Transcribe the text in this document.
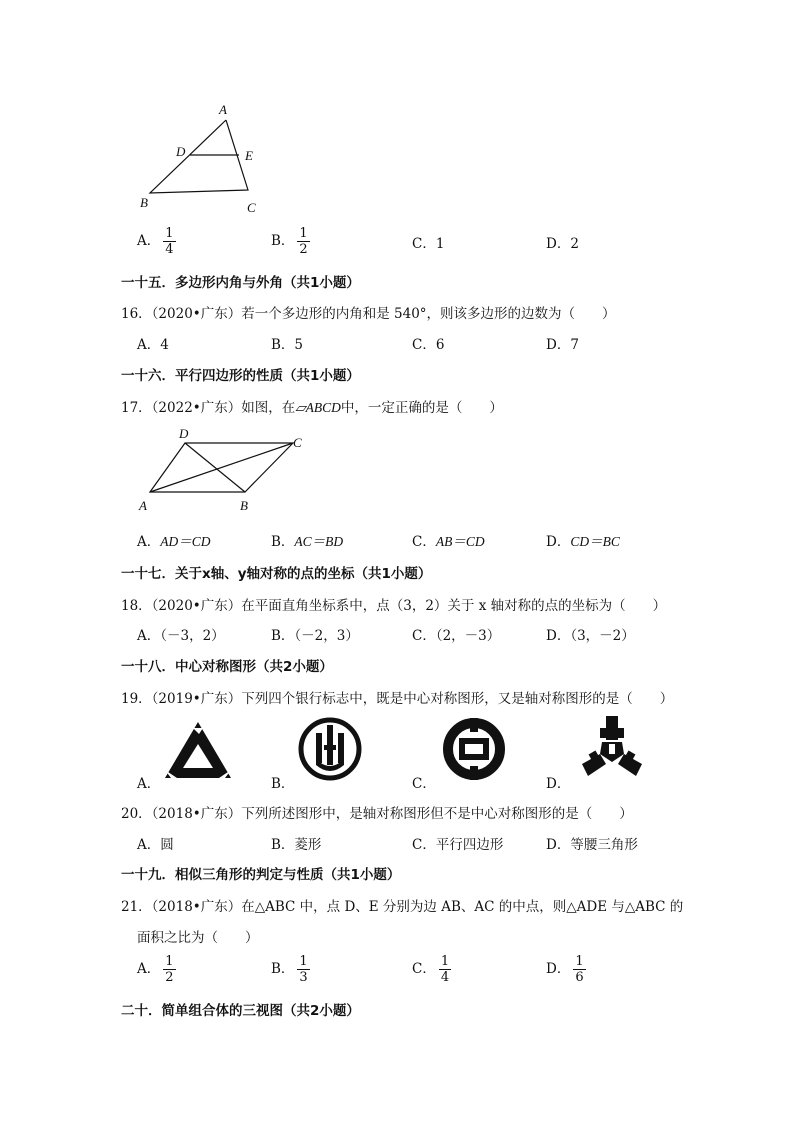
A
D	E
B	C
A． $\frac{1}{4}$	B． $\frac{1}{2}$	C．1	D．2
一十五．多边形内角与外角（共1小题）
16．（2020•广东）若一个多边形的内角和是 540°，则该多边形的边数为（　　）
A．4	B．5	C．6	D．7
一十六．平行四边形的性质（共1小题）
17．（2022•广东）如图，在▱ABCD中，一定正确的是（　　）
D
C
A	B
A．AD＝CD	B．AC＝BD	C．AB＝CD	D．CD＝BC
一十七．关于x轴、y轴对称的点的坐标（共1小题）
18．（2020•广东）在平面直角坐标系中，点（3，2）关于 x 轴对称的点的坐标为（　　）
A．（－3，2）	B．（－2，3）	C．（2，－3）	D．（3，－2）
一十八．中心对称图形（共2小题）
19．（2019•广东）下列四个银行标志中，既是中心对称图形，又是轴对称图形的是（　　）
A．	B．	C．	D．
20．（2018•广东）下列所述图形中，是轴对称图形但不是中心对称图形的是（　　）
A．圆	B．菱形	C．平行四边形	D．等腰三角形
一十九．相似三角形的判定与性质（共1小题）
21．（2018•广东）在△ABC 中，点 D、E 分别为边 AB、AC 的中点，则△ADE 与△ABC 的
面积之比为（　　）
A． $\frac{1}{2}$	B． $\frac{1}{3}$	C． $\frac{1}{4}$	D． $\frac{1}{6}$
二十．简单组合体的三视图（共2小题）
